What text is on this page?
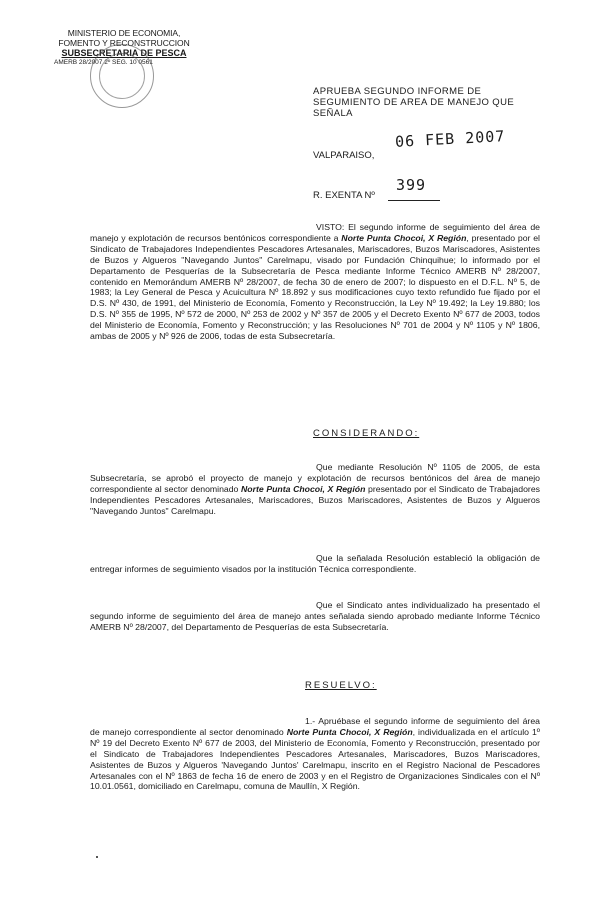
MINISTERIO DE ECONOMIA,
FOMENTO Y RECONSTRUCCION
SUBSECRETARIA DE PESCA
AMERB 28/2007 2º SEG. 10 0561
APRUEBA SEGUNDO INFORME DE SEGUMIENTO DE AREA DE MANEJO QUE SEÑALA
06 FEB 2007
VALPARAISO,
R. EXENTA Nº
399
VISTO: El segundo informe de seguimiento del área de manejo y explotación de recursos bentónicos correspondiente a Norte Punta Chocoi, X Región, presentado por el Sindicato de Trabajadores Independientes Pescadores Artesanales, Mariscadores, Buzos Mariscadores, Asistentes de Buzos y Algueros "Navegando Juntos" Carelmapu, visado por Fundación Chinquihue; lo informado por el Departamento de Pesquerías de la Subsecretaría de Pesca mediante Informe Técnico AMERB Nº 28/2007, contenido en Memorándum AMERB Nº 28/2007, de fecha 30 de enero de 2007; lo dispuesto en el D.F.L. Nº 5, de 1983; la Ley General de Pesca y Acuicultura Nº 18.892 y sus modificaciones cuyo texto refundido fue fijado por el D.S. Nº 430, de 1991, del Ministerio de Economía, Fomento y Reconstrucción, la Ley Nº 19.492; la Ley 19.880; los D.S. Nº 355 de 1995, Nº 572 de 2000, Nº 253 de 2002 y Nº 357 de 2005 y el Decreto Exento Nº 677 de 2003, todos del Ministerio de Economía, Fomento y Reconstrucción; y las Resoluciones Nº 701 de 2004 y Nº 1105 y Nº 1806, ambas de 2005 y Nº 926 de 2006, todas de esta Subsecretaría.
CONSIDERANDO:
Que mediante Resolución Nº 1105 de 2005, de esta Subsecretaría, se aprobó el proyecto de manejo y explotación de recursos bentónicos del área de manejo correspondiente al sector denominado Norte Punta Chocoi, X Región presentado por el Sindicato de Trabajadores Independientes Pescadores Artesanales, Mariscadores, Buzos Mariscadores, Asistentes de Buzos y Algueros "Navegando Juntos" Carelmapu.
Que la señalada Resolución estableció la obligación de entregar informes de seguimiento visados por la institución Técnica correspondiente.
Que el Sindicato antes individualizado ha presentado el segundo informe de seguimiento del área de manejo antes señalada siendo aprobado mediante Informe Técnico AMERB Nº 28/2007, del Departamento de Pesquerías de esta Subsecretaría.
RESUELVO:
1.- Apruébase el segundo informe de seguimiento del área de manejo correspondiente al sector denominado Norte Punta Chocoi, X Región, individualizada en el artículo 1º Nº 19 del Decreto Exento Nº 677 de 2003, del Ministerio de Economía, Fomento y Reconstrucción, presentado por el Sindicato de Trabajadores Independientes Pescadores Artesanales, Mariscadores, Buzos Mariscadores, Asistentes de Buzos y Algueros 'Navegando Juntos' Carelmapu, inscrito en el Registro Nacional de Pescadores Artesanales con el Nº 1863 de fecha 16 de enero de 2003 y en el Registro de Organizaciones Sindicales con el Nº 10.01.0561, domiciliado en Carelmapu, comuna de Maullín, X Región.
